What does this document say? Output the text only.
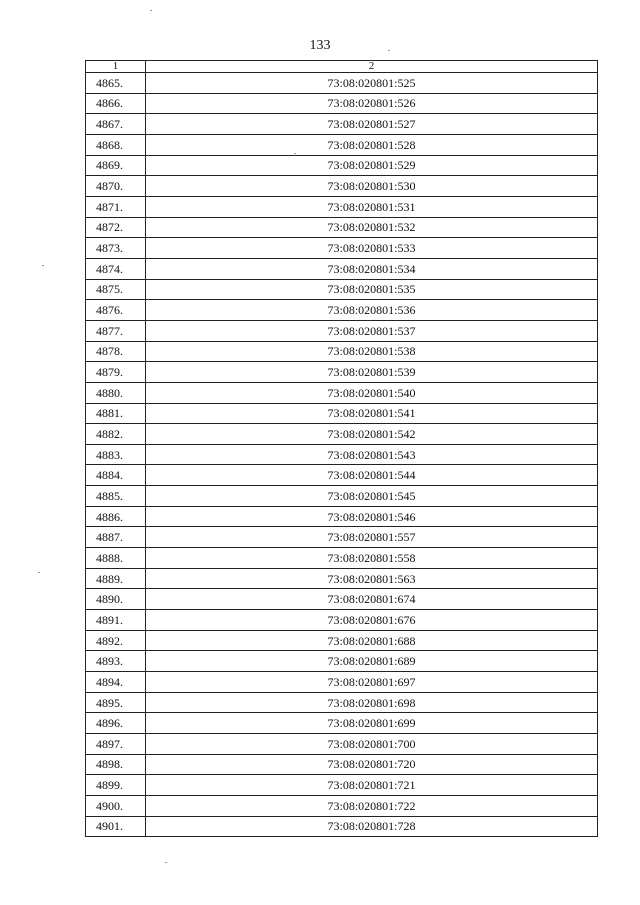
133
1	2
4865.	73:08:020801:525
4866.	73:08:020801:526
4867.	73:08:020801:527
4868.	73:08:020801:528
4869.	73:08:020801:529
4870.	73:08:020801:530
4871.	73:08:020801:531
4872.	73:08:020801:532
4873.	73:08:020801:533
4874.	73:08:020801:534
4875.	73:08:020801:535
4876.	73:08:020801:536
4877.	73:08:020801:537
4878.	73:08:020801:538
4879.	73:08:020801:539
4880.	73:08:020801:540
4881.	73:08:020801:541
4882.	73:08:020801:542
4883.	73:08:020801:543
4884.	73:08:020801:544
4885.	73:08:020801:545
4886.	73:08:020801:546
4887.	73:08:020801:557
4888.	73:08:020801:558
4889.	73:08:020801:563
4890.	73:08:020801:674
4891.	73:08:020801:676
4892.	73:08:020801:688
4893.	73:08:020801:689
4894.	73:08:020801:697
4895.	73:08:020801:698
4896.	73:08:020801:699
4897.	73:08:020801:700
4898.	73:08:020801:720
4899.	73:08:020801:721
4900.	73:08:020801:722
4901.	73:08:020801:728
